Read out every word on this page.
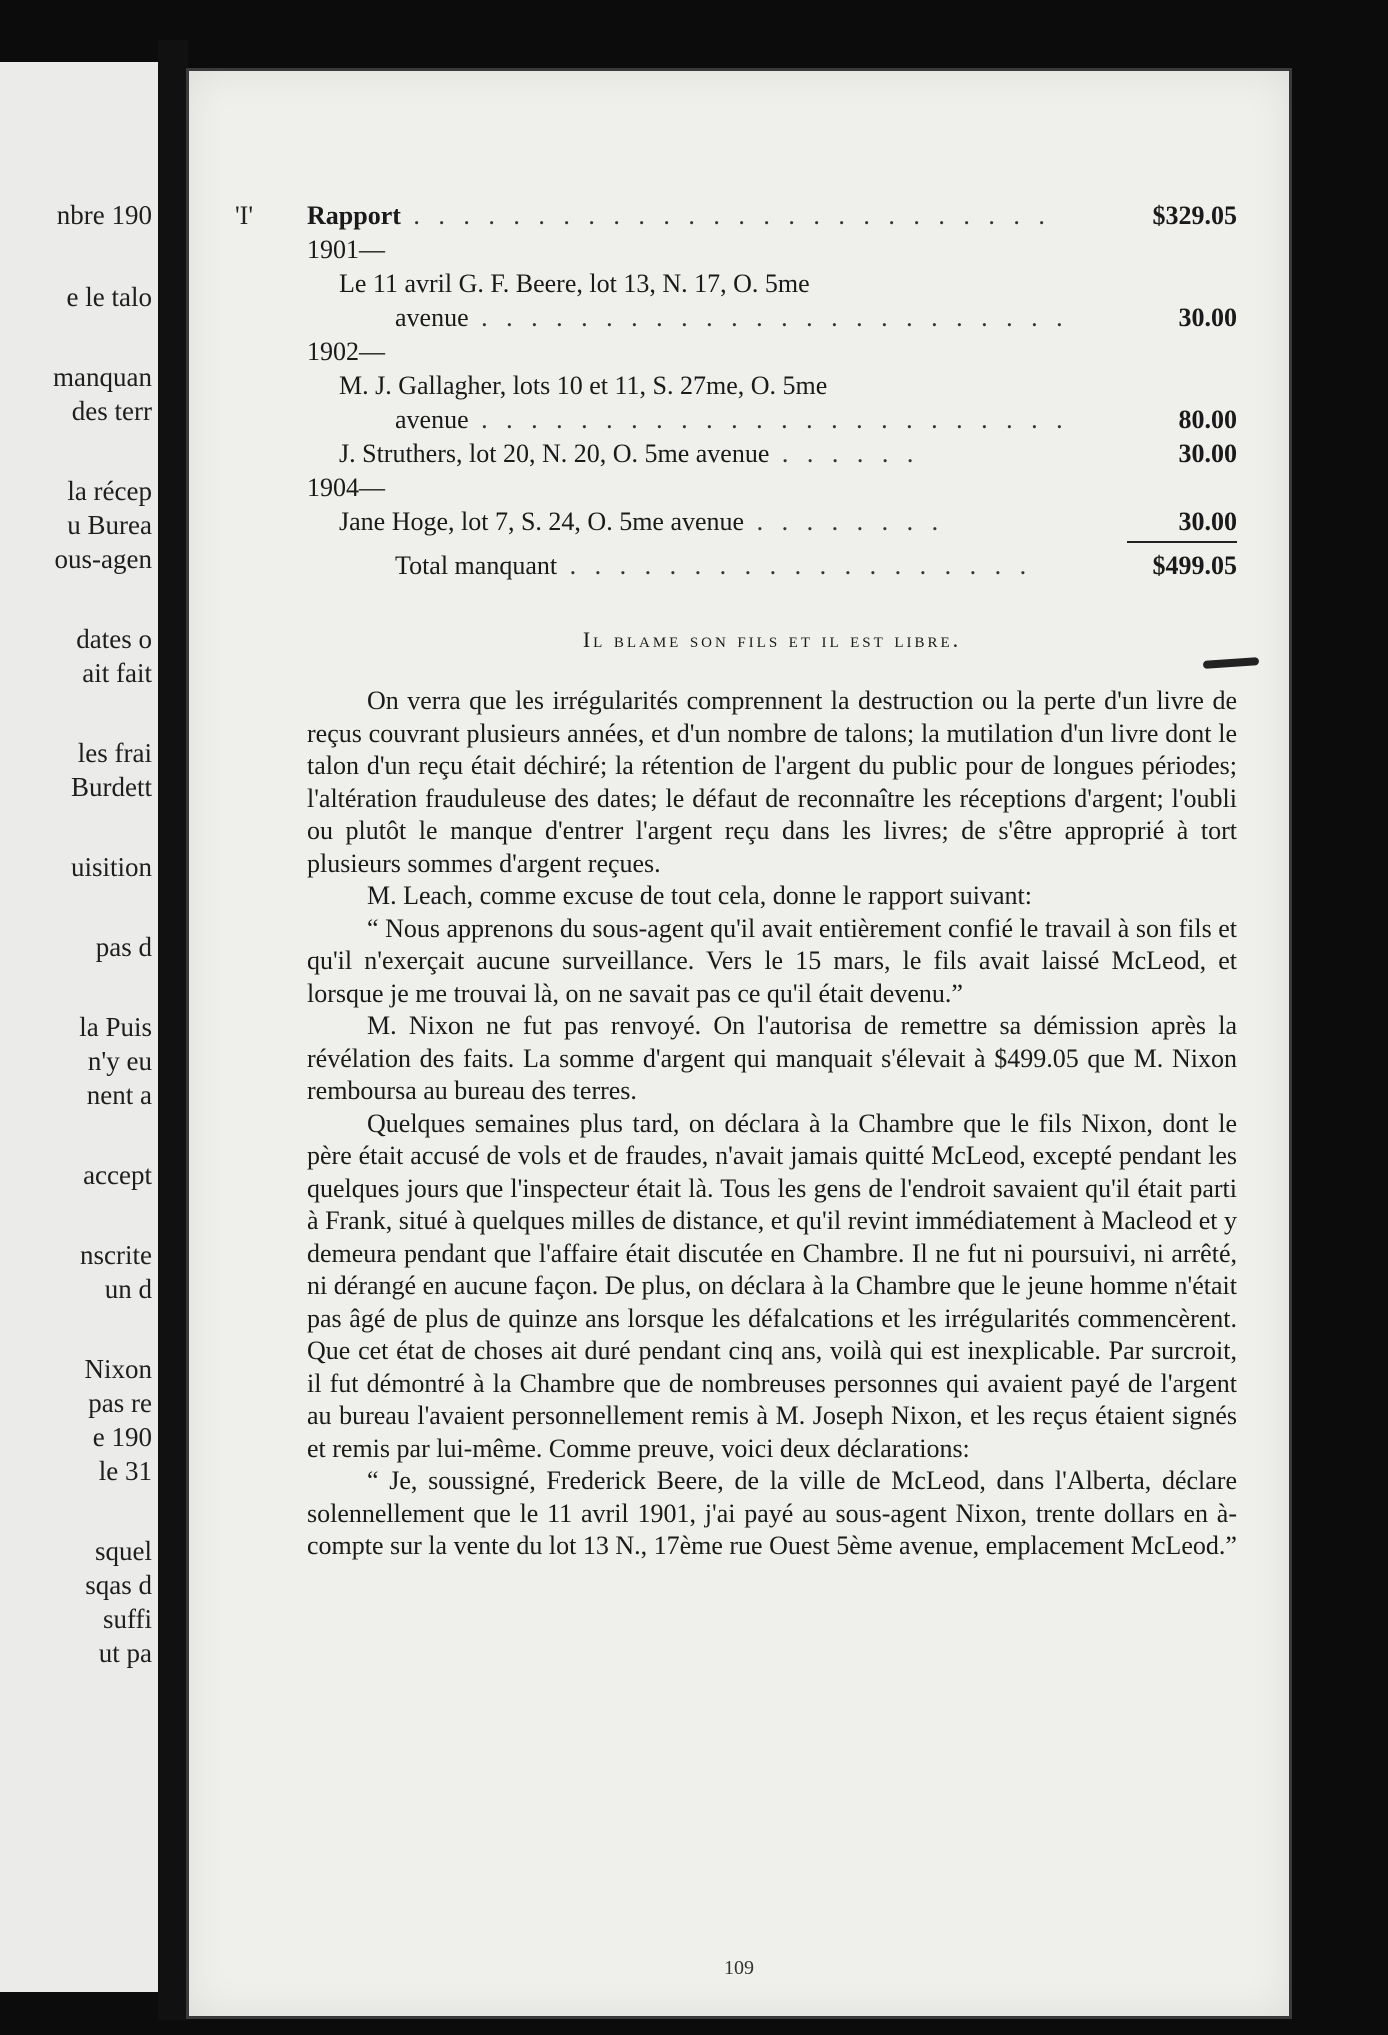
nbre 190
e le talo
manquan
des terr
la récep
u Burea
ous-agen
dates o
ait fait
les frai
Burdett
uisition
pas d
la Puis
n'y eu
nent a
accept
nscrite
un d
Nixon
pas re
e 190
le 31
squel
sqas d
suffi
ut pa
'I' Rapport . . . . . . . . . . . . . . . . . . . . . . . . . .	$329.05
1901—
Le 11 avril G. F. Beere, lot 13, N. 17, O. 5me
avenue . . . . . . . . . . . . . . . . . . . . . . . .	30.00
1902—
M. J. Gallagher, lots 10 et 11, S. 27me, O. 5me
avenue . . . . . . . . . . . . . . . . . . . . . . . .	80.00
J. Struthers, lot 20, N. 20, O. 5me avenue . . . . . .	30.00
1904—
Jane Hoge, lot 7, S. 24, O. 5me avenue . . . . . . . .	30.00
Total manquant . . . . . . . . . . . . . . . . . . .	$499.05
Il blame son fils et il est libre.

On verra que les irrégularités comprennent la destruction ou la perte d'un livre de reçus couvrant plusieurs années, et d'un nombre de talons; la mutilation d'un livre dont le talon d'un reçu était déchiré; la rétention de l'argent du public pour de longues périodes; l'altération frauduleuse des dates; le défaut de reconnaître les réceptions d'argent; l'oubli ou plutôt le manque d'entrer l'argent reçu dans les livres; de s'être approprié à tort plusieurs sommes d'argent reçues.

M. Leach, comme excuse de tout cela, donne le rapport suivant:

“ Nous apprenons du sous-agent qu'il avait entièrement confié le travail à son fils et qu'il n'exerçait aucune surveillance. Vers le 15 mars, le fils avait laissé McLeod, et lorsque je me trouvai là, on ne savait pas ce qu'il était devenu.”

M. Nixon ne fut pas renvoyé. On l'autorisa de remettre sa démission après la révélation des faits. La somme d'argent qui manquait s'élevait à $499.05 que M. Nixon remboursa au bureau des terres.

Quelques semaines plus tard, on déclara à la Chambre que le fils Nixon, dont le père était accusé de vols et de fraudes, n'avait jamais quitté McLeod, excepté pendant les quelques jours que l'inspecteur était là. Tous les gens de l'endroit savaient qu'il était parti à Frank, situé à quelques milles de distance, et qu'il revint immédiatement à Macleod et y demeura pendant que l'affaire était discutée en Chambre. Il ne fut ni poursuivi, ni arrêté, ni dérangé en aucune façon. De plus, on déclara à la Chambre que le jeune homme n'était pas âgé de plus de quinze ans lorsque les défalcations et les irrégularités commencèrent. Que cet état de choses ait duré pendant cinq ans, voilà qui est inexplicable. Par surcroit, il fut démontré à la Chambre que de nombreuses personnes qui avaient payé de l'argent au bureau l'avaient personnellement remis à M. Joseph Nixon, et les reçus étaient signés et remis par lui-même. Comme preuve, voici deux déclarations:

“ Je, soussigné, Frederick Beere, de la ville de McLeod, dans l'Alberta, déclare solennellement que le 11 avril 1901, j'ai payé au sous-agent Nixon, trente dollars en à-compte sur la vente du lot 13 N., 17ème rue Ouest 5ème avenue, emplacement McLeod.”

109
